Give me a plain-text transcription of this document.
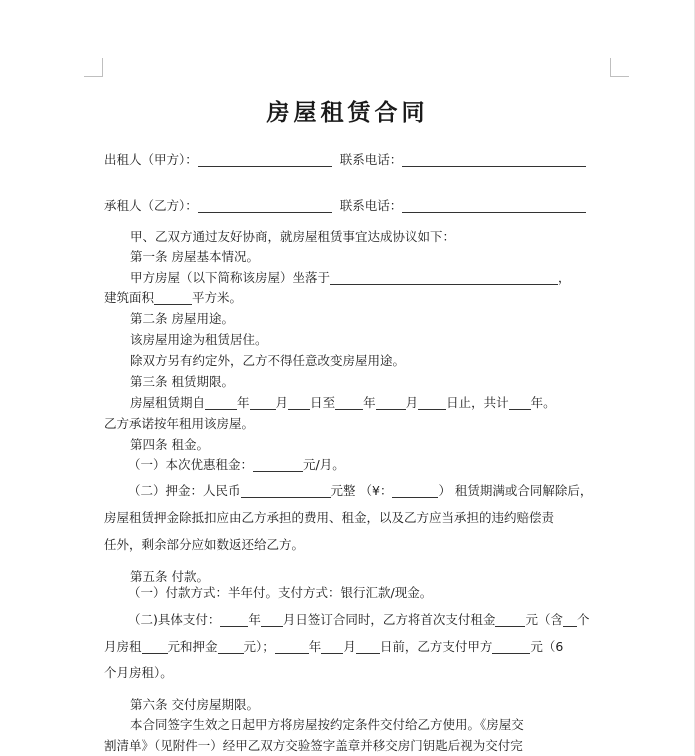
房屋租赁合同
出租人（甲方）：	联系电话：
承租人（乙方）：	联系电话：
甲、乙双方通过友好协商，就房屋租赁事宜达成协议如下：
第一条 房屋基本情况。
甲方房屋（以下简称该房屋）坐落于	，
建筑面积	平方米。
第二条 房屋用途。
该房屋用途为租赁居住。
除双方另有约定外，乙方不得任意改变房屋用途。
第三条 租赁期限。
房屋租赁期自	年 月 日至 年 月 日止，共计 年。
乙方承诺按年租用该房屋。
第四条 租金。
（一）本次优惠租金：	元/月。
（二）押金：人民币	元整 （¥：	） 租赁期满或合同解除后，
房屋租赁押金除抵扣应由乙方承担的费用、租金，以及乙方应当承担的违约赔偿责
任外，剩余部分应如数返还给乙方。
第五条 付款。
（一）付款方式：半年付。支付方式：银行汇款/现金。
（二)具体支付： 年 月日签订合同时，乙方将首次支付租金 元（含 个
月房租 元和押金 元）；	年 月 日前，乙方支付甲方	元（6
个月房租）。
第六条 交付房屋期限。
本合同签字生效之日起甲方将房屋按约定条件交付给乙方使用。《房屋交
割清单》（见附件一）经甲乙双方交验签字盖章并移交房门钥匙后视为交付完
